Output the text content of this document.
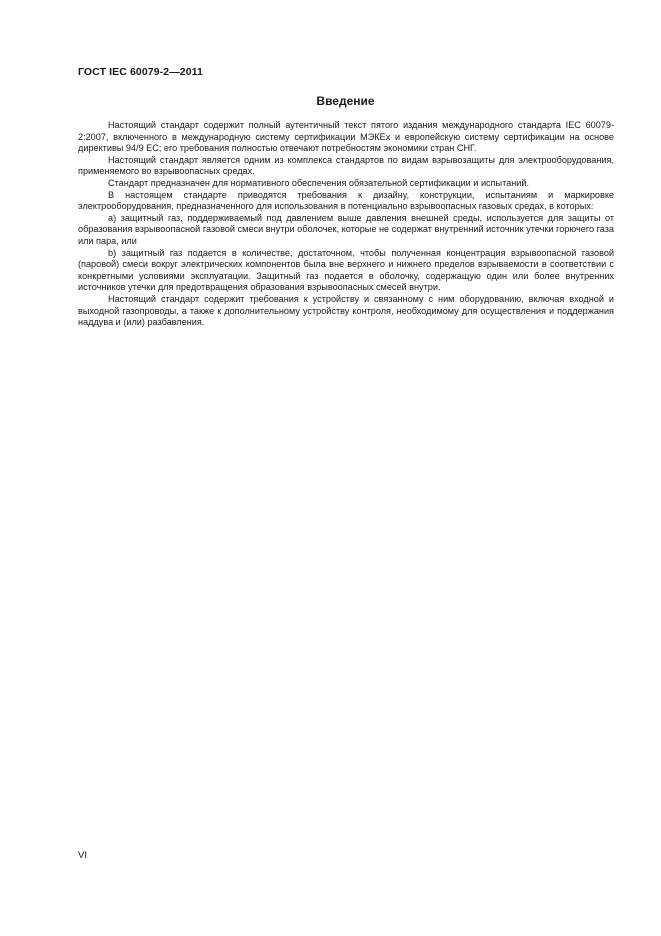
ГОСТ IEC 60079-2—2011
Введение

Настоящий стандарт содержит полный аутентичный текст пятого издания международного стандарта IEC 60079-2:2007, включенного в международную систему сертификации МЭКЕх и европейскую систему сертификации на основе директивы 94/9 ЕС; его требования полностью отвечают потребностям экономики стран СНГ.

Настоящий стандарт является одним из комплекса стандартов по видам взрывозащиты для электрооборудования, применяемого во взрывоопасных средах.

Стандарт предназначен для нормативного обеспечения обязательной сертификации и испытаний.

В настоящем стандарте приводятся требования к дизайну, конструкции, испытаниям и маркировке электрооборудования, предназначенного для использования в потенциально взрывоопасных газовых средах, в которых:

a) защитный газ, поддерживаемый под давлением выше давления внешней среды, используется для защиты от образования взрывоопасной газовой смеси внутри оболочек, которые не содержат внутренний источник утечки горючего газа или пара, или

b) защитный газ подается в количестве, достаточном, чтобы полученная концентрация взрывоопасной газовой (паровой) смеси вокруг электрических компонентов была вне верхнего и нижнего пределов взрываемости в соответствии с конкретными условиями эксплуатации. Защитный газ подается в оболочку, содержащую один или более внутренних источников утечки для предотвращения образования взрывоопасных смесей внутри.

Настоящий стандарт содержит требования к устройству и связанному с ним оборудованию, включая входной и выходной газопроводы, а также к дополнительному устройству контроля, необходимому для осуществления и поддержания наддува и (или) разбавления.

VI
